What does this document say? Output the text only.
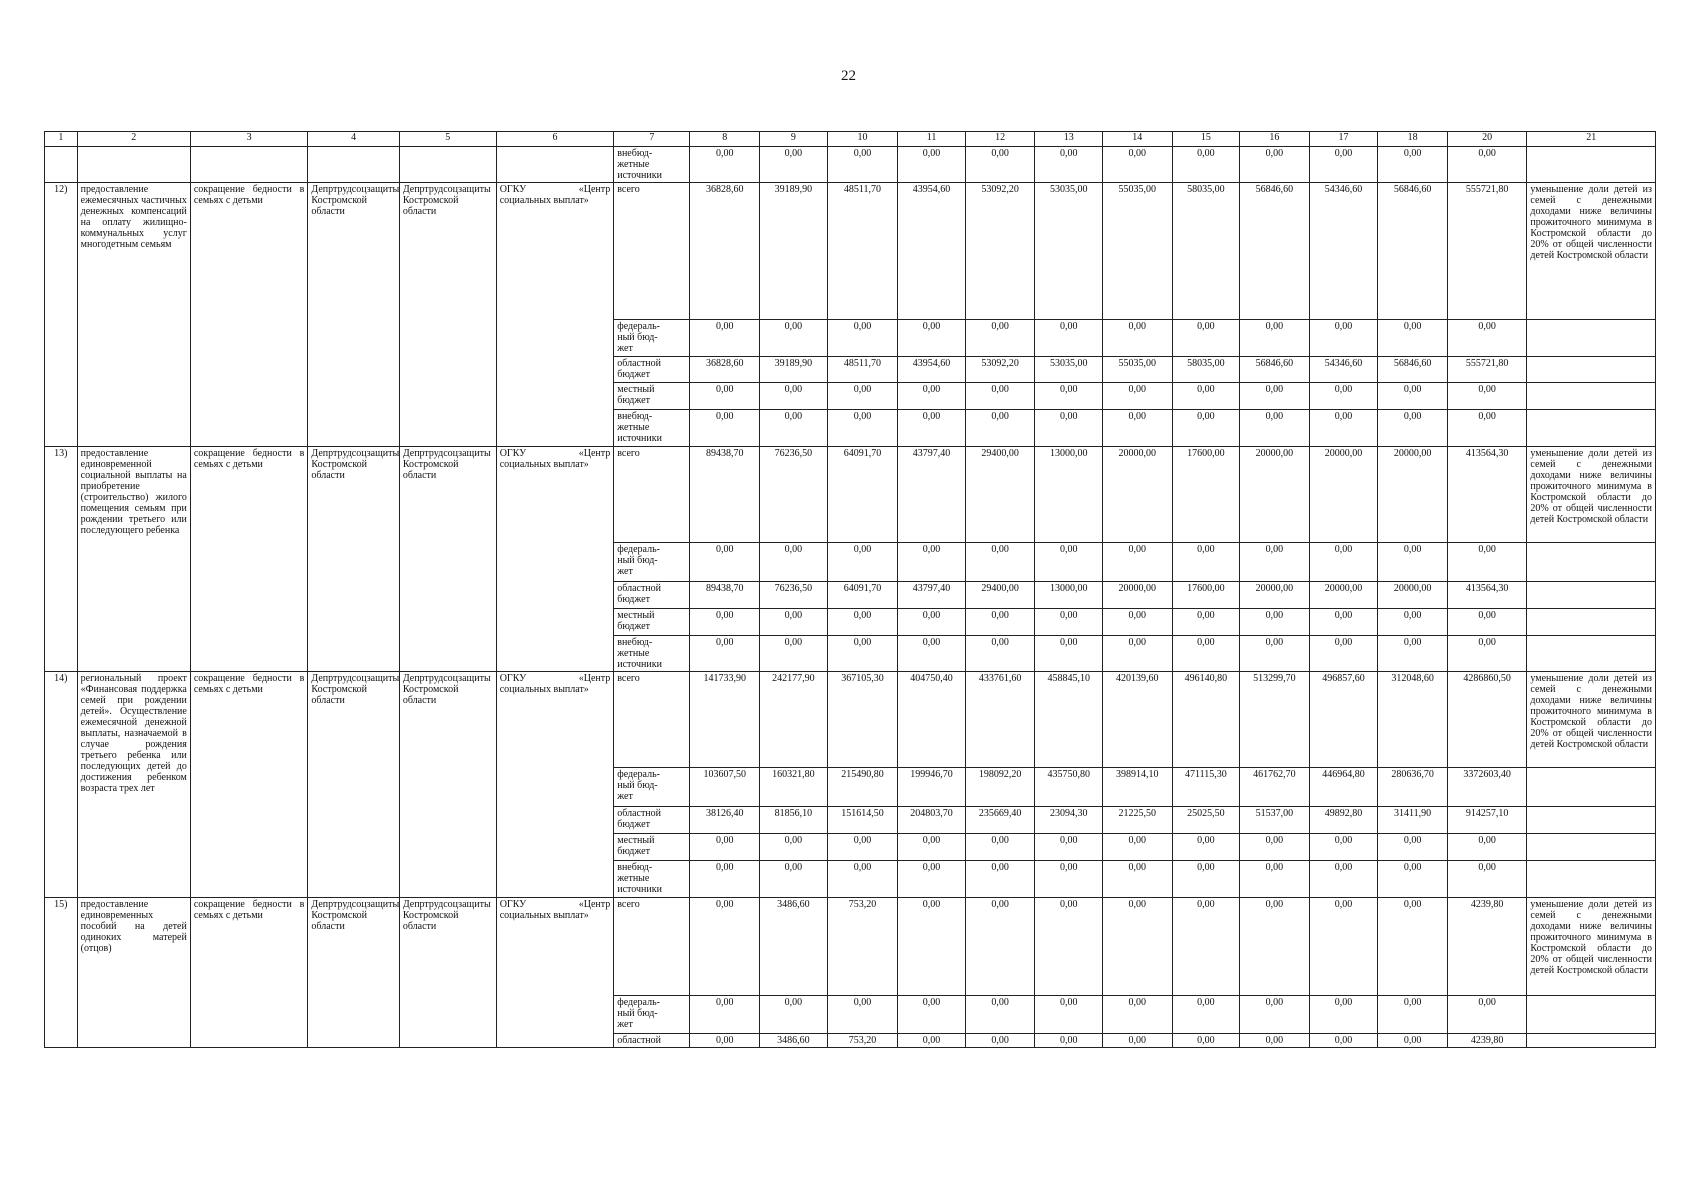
22
1	2	3	4	5	6	7	8	9	10	11	12	13	14	15	16	17	18	20	21
						внебюд-
жетные
источники	0,00	0,00	0,00	0,00	0,00	0,00	0,00	0,00	0,00	0,00	0,00	0,00	
12)	предоставление ежемесячных частичных денежных компенсаций на оплату жилищно-коммунальных услуг многодетным семьям	сокращение бедности в семьях с детьми	Депртрудсоцзащиты Костромской области	Депртрудсоцзащиты Костромской области	ОГКУ «Центр социальных выплат»	всего	36828,60	39189,90	48511,70	43954,60	53092,20	53035,00	55035,00	58035,00	56846,60	54346,60	56846,60	555721,80	уменьшение доли детей из семей с денежными доходами ниже величины прожиточного минимума в Костромской области до 20% от общей численности детей Костромской области
						федераль-
ный бюд-
жет	0,00	0,00	0,00	0,00	0,00	0,00	0,00	0,00	0,00	0,00	0,00	0,00	
						областной
бюджет	36828,60	39189,90	48511,70	43954,60	53092,20	53035,00	55035,00	58035,00	56846,60	54346,60	56846,60	555721,80	
						местный
бюджет	0,00	0,00	0,00	0,00	0,00	0,00	0,00	0,00	0,00	0,00	0,00	0,00	
						внебюд-
жетные
источники	0,00	0,00	0,00	0,00	0,00	0,00	0,00	0,00	0,00	0,00	0,00	0,00	
13)	предоставление единовременной социальной выплаты на приобретение (строительство) жилого помещения семьям при рождении третьего или последующего ребенка	сокращение бедности в семьях с детьми	Депртрудсоцзащиты Костромской области	Депртрудсоцзащиты Костромской области	ОГКУ «Центр социальных выплат»	всего	89438,70	76236,50	64091,70	43797,40	29400,00	13000,00	20000,00	17600,00	20000,00	20000,00	20000,00	413564,30	уменьшение доли детей из семей с денежными доходами ниже величины прожиточного минимума в Костромской области до 20% от общей численности детей Костромской области
						федераль-
ный бюд-
жет	0,00	0,00	0,00	0,00	0,00	0,00	0,00	0,00	0,00	0,00	0,00	0,00	
						областной
бюджет	89438,70	76236,50	64091,70	43797,40	29400,00	13000,00	20000,00	17600,00	20000,00	20000,00	20000,00	413564,30	
						местный
бюджет	0,00	0,00	0,00	0,00	0,00	0,00	0,00	0,00	0,00	0,00	0,00	0,00	
						внебюд-
жетные
источники	0,00	0,00	0,00	0,00	0,00	0,00	0,00	0,00	0,00	0,00	0,00	0,00	
14)	региональный проект «Финансовая поддержка семей при рождении детей». Осуществление ежемесячной денежной выплаты, назначаемой в случае рождения третьего ребенка или последующих детей до достижения ребенком возраста трех лет	сокращение бедности в семьях с детьми	Депртрудсоцзащиты Костромской области	Депртрудсоцзащиты Костромской области	ОГКУ «Центр социальных выплат»	всего	141733,90	242177,90	367105,30	404750,40	433761,60	458845,10	420139,60	496140,80	513299,70	496857,60	312048,60	4286860,50	уменьшение доли детей из семей с денежными доходами ниже величины прожиточного минимума в Костромской области до 20% от общей численности детей Костромской области
						федераль-
ный бюд-
жет	103607,50	160321,80	215490,80	199946,70	198092,20	435750,80	398914,10	471115,30	461762,70	446964,80	280636,70	3372603,40	
						областной
бюджет	38126,40	81856,10	151614,50	204803,70	235669,40	23094,30	21225,50	25025,50	51537,00	49892,80	31411,90	914257,10	
						местный
бюджет	0,00	0,00	0,00	0,00	0,00	0,00	0,00	0,00	0,00	0,00	0,00	0,00	
						внебюд-
жетные
источники	0,00	0,00	0,00	0,00	0,00	0,00	0,00	0,00	0,00	0,00	0,00	0,00	
15)	предоставление единовременных пособий на детей одиноких матерей (отцов)	сокращение бедности в семьях с детьми	Депртрудсоцзащиты Костромской области	Депртрудсоцзащиты Костромской области	ОГКУ «Центр социальных выплат»	всего	0,00	3486,60	753,20	0,00	0,00	0,00	0,00	0,00	0,00	0,00	0,00	4239,80	уменьшение доли детей из семей с денежными доходами ниже величины прожиточного минимума в Костромской области до 20% от общей численности детей Костромской области
						федераль-
ный бюд-
жет	0,00	0,00	0,00	0,00	0,00	0,00	0,00	0,00	0,00	0,00	0,00	0,00	
						областной	0,00	3486,60	753,20	0,00	0,00	0,00	0,00	0,00	0,00	0,00	0,00	4239,80	
